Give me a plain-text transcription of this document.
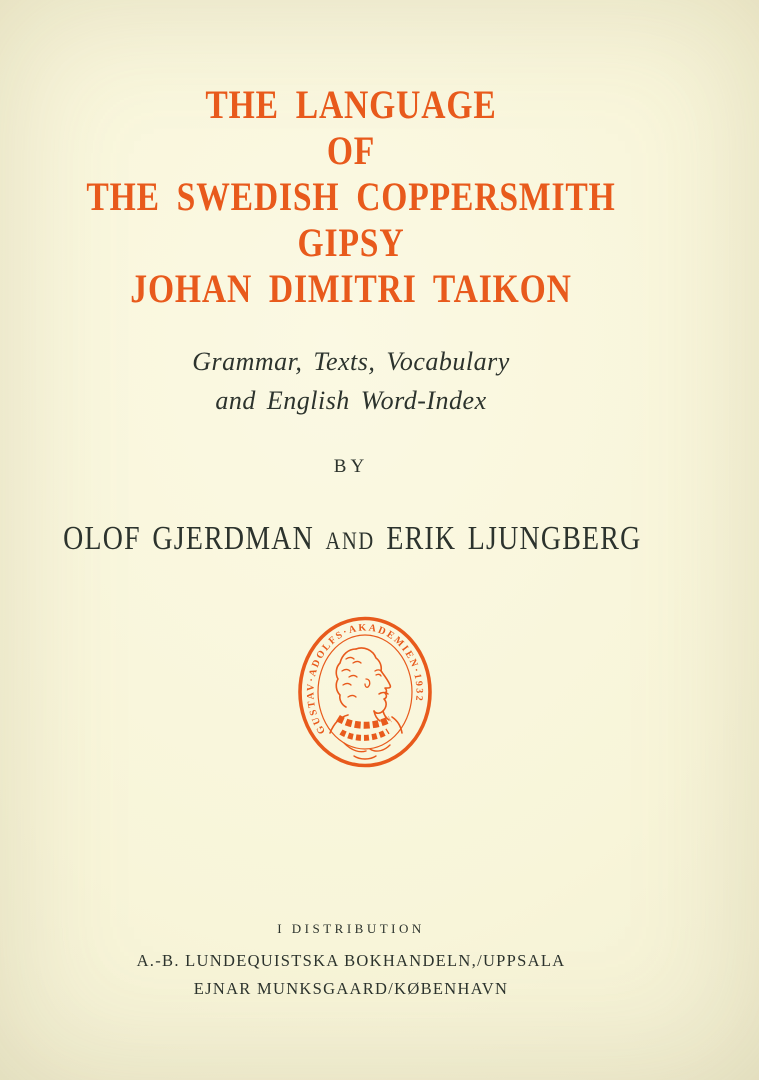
THE LANGUAGE
OF
THE SWEDISH COPPERSMITH GIPSY
JOHAN DIMITRI TAIKON
Grammar, Texts, Vocabulary
and English Word-Index
BY
OLOF GJERDMAN AND ERIK LJUNGBERG
GUSTAV·ADOLFS·AKADEMIEN·1932
I DISTRIBUTION
A.-B. LUNDEQUISTSKA BOKHANDELN,/UPPSALA
EJNAR MUNKSGAARD/KØBENHAVN
